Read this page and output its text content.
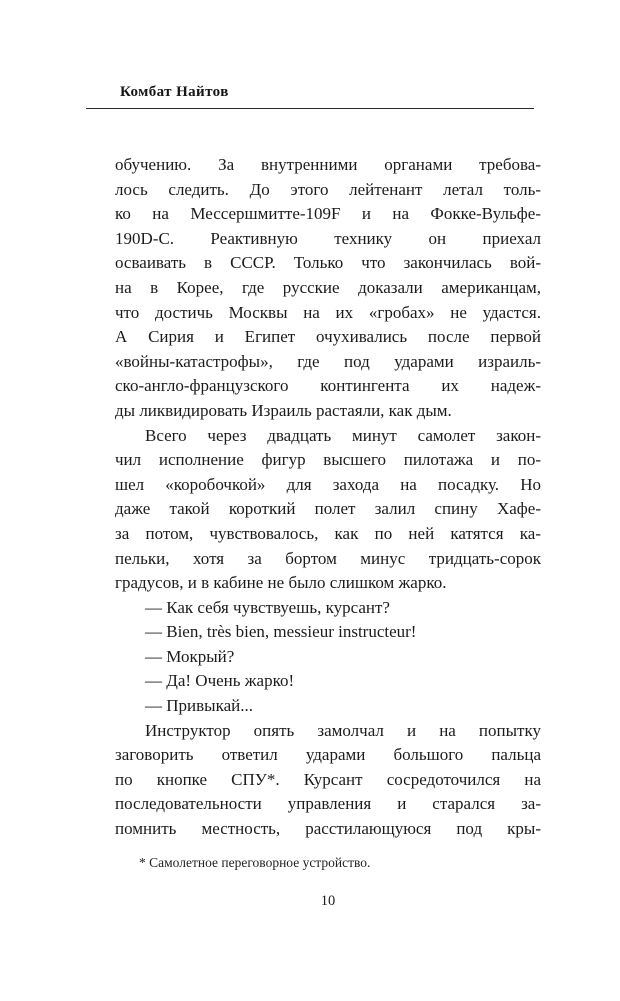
Комбат Найтов
обучению. За внутренними органами требова-
лось следить. До этого лейтенант летал толь-
ко на Мессершмитте-109F и на Фокке-Вульфе-
190D-C. Реактивную технику он приехал
осваивать в СССР. Только что закончилась вой-
на в Корее, где русские доказали американцам,
что достичь Москвы на их «гробах» не удастся.
А Сирия и Египет очухивались после первой
«войны-катастрофы», где под ударами израиль-
ско-англо-французского контингента их надеж-
ды ликвидировать Израиль растаяли, как дым.
Всего через двадцать минут самолет закон-
чил исполнение фигур высшего пилотажа и по-
шел «коробочкой» для захода на посадку. Но
даже такой короткий полет залил спину Хафе-
за потом, чувствовалось, как по ней катятся ка-
пельки, хотя за бортом минус тридцать-сорок
градусов, и в кабине не было слишком жарко.
— Как себя чувствуешь, курсант?
— Bien, très bien, messieur instructeur!
— Мокрый?
— Да! Очень жарко!
— Привыкай...
Инструктор опять замолчал и на попытку
заговорить ответил ударами большого пальца
по кнопке СПУ*. Курсант сосредоточился на
последовательности управления и старался за-
помнить местность, расстилающуюся под кры-
* Самолетное переговорное устройство.
10
